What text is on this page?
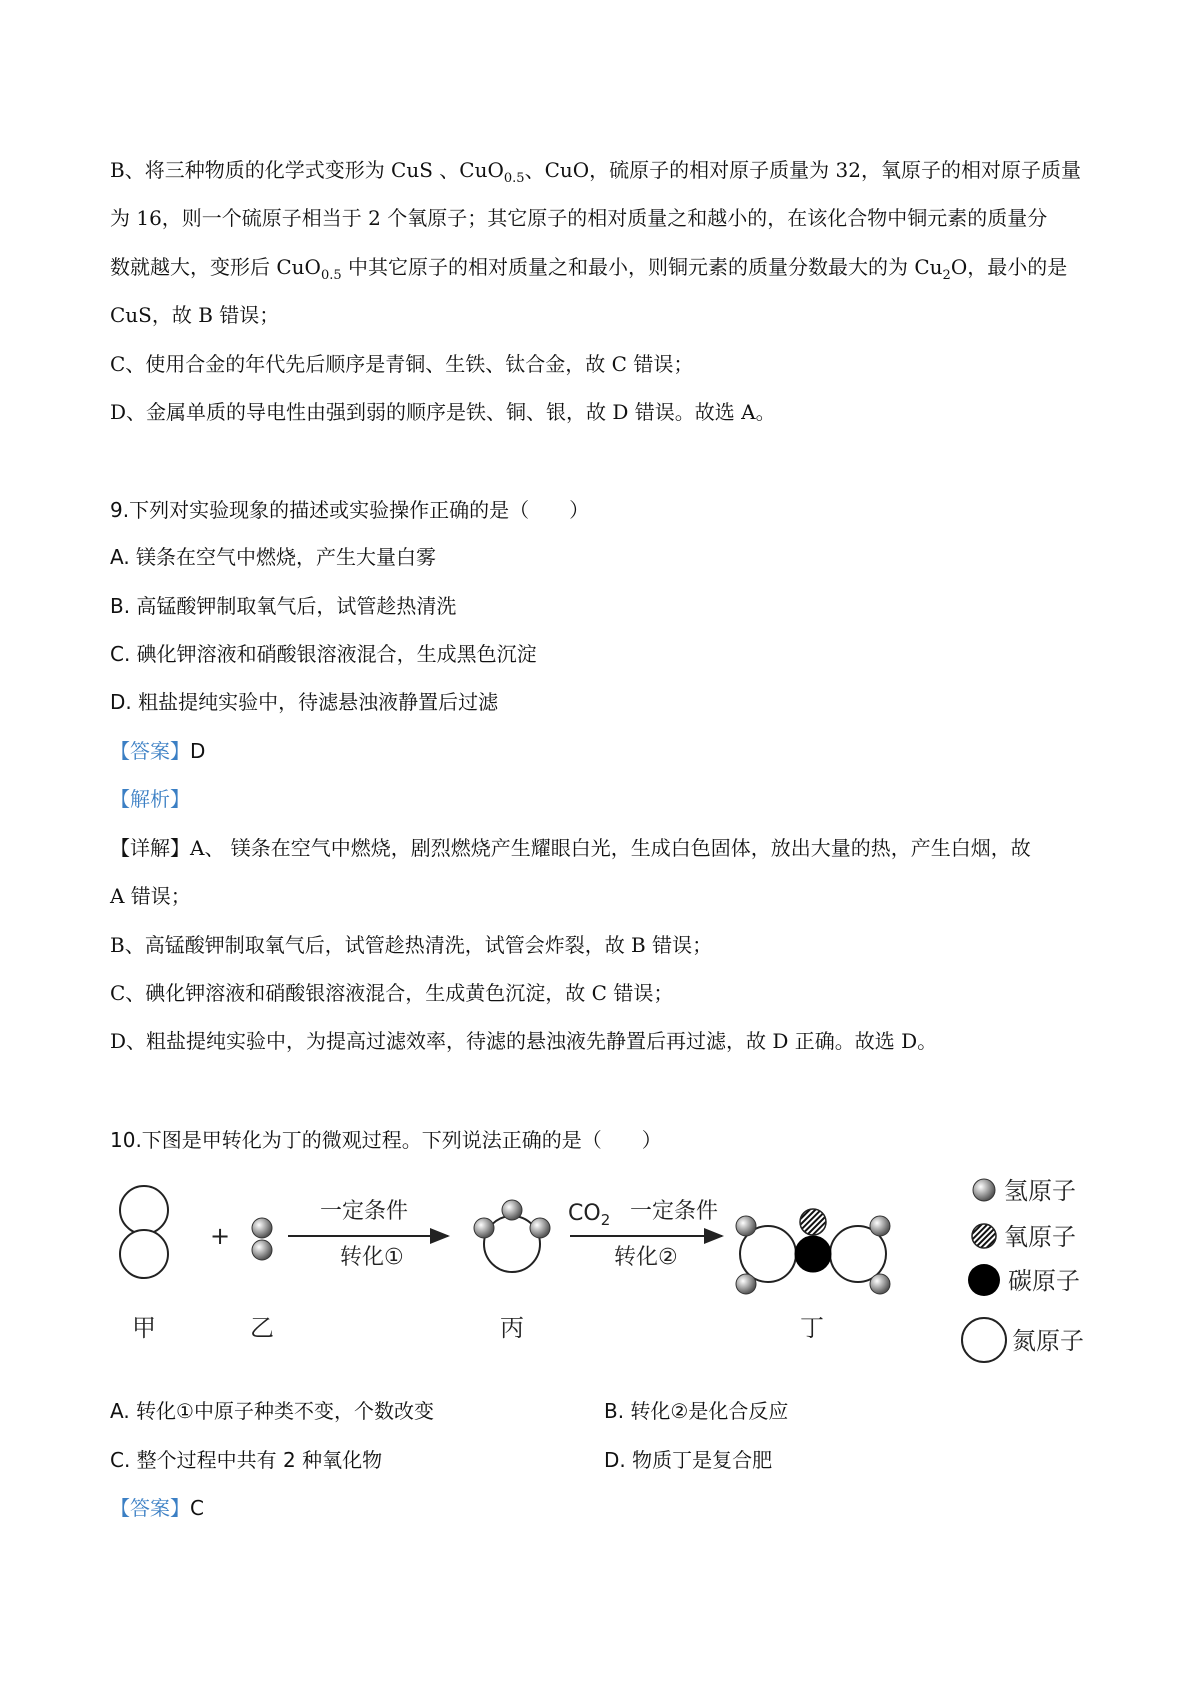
B、将三种物质的化学式变形为 CuS 、CuO$_{0.5}$、CuO，硫原子的相对原子质量为 32，氧原子的相对原子质量
为 16，则一个硫原子相当于 2 个氧原子；其它原子的相对质量之和越小的，在该化合物中铜元素的质量分
数就越大，变形后 CuO$_{0.5}$ 中其它原子的相对质量之和最小，则铜元素的质量分数最大的为 $Cu_2O$，最小的是
CuS，故 B 错误；
C、使用合金的年代先后顺序是青铜、生铁、钛合金，故 C 错误；
D、金属单质的导电性由强到弱的顺序是铁、铜、银，故 D 错误。故选 A。
9.下列对实验现象的描述或实验操作正确的是（　　）
A. 镁条在空气中燃烧，产生大量白雾
B. 高锰酸钾制取氧气后，试管趁热清洗
C. 碘化钾溶液和硝酸银溶液混合，生成黑色沉淀
D. 粗盐提纯实验中，待滤悬浊液静置后过滤
【答案】D
【解析】
【详解】A、 镁条在空气中燃烧，剧烈燃烧产生耀眼白光，生成白色固体，放出大量的热，产生白烟，故
A 错误；
B、高锰酸钾制取氧气后，试管趁热清洗，试管会炸裂，故 B 错误；
C、碘化钾溶液和硝酸银溶液混合，生成黄色沉淀，故 C 错误；
D、粗盐提纯实验中，为提高过滤效率，待滤的悬浊液先静置后再过滤，故 D 正确。故选 D。
10.下图是甲转化为丁的微观过程。下列说法正确的是（　　）
+
一定条件
转化①
$CO_2$ 一定条件
转化②
甲	乙	丙	丁
氢原子
氧原子
碳原子
氮原子
A. 转化①中原子种类不变，个数改变	B. 转化②是化合反应
C. 整个过程中共有 2 种氧化物	D. 物质丁是复合肥
【答案】C
